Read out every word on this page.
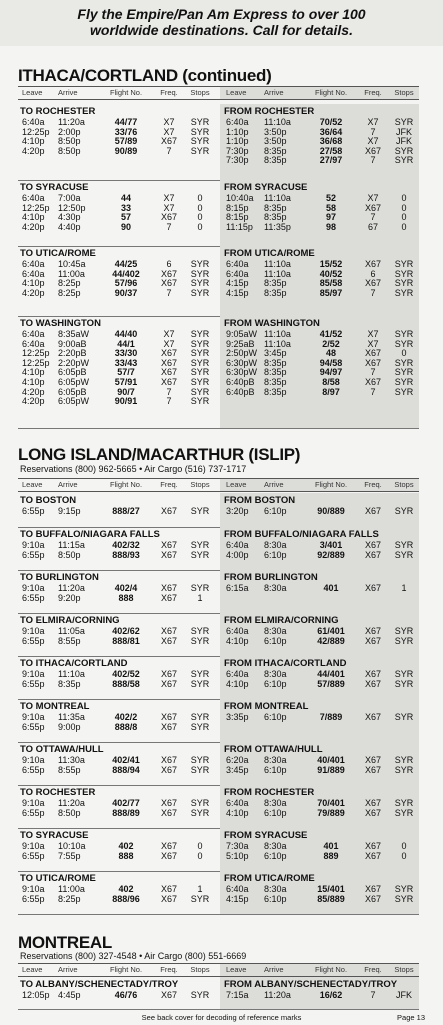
Fly the Empire/Pan Am Express to over 100
worldwide destinations. Call for details.
ITHACA/CORTLAND (continued)
Leave	Arrive	Flight No.	Freq.	Stops	Leave	Arrive	Flight No.	Freq.	Stops
TO ROCHESTER	FROM ROCHESTER
6:40a	11:20a	44/77	X7	SYR
12:25p 2:00p	33/76	X7	SYR
4:10p	8:50p	57/89	X67	SYR
4:20p	8:50p	90/89	7	SYR
6:40a	11:10a	70/52	X7	SYR
1:10p	3:50p	36/64	7	JFK
1:10p	3:50p	36/68	X7	JFK
7:30p	8:35p	27/58	X67	SYR
7:30p	8:35p	27/97	7	SYR
TO SYRACUSE	FROM SYRACUSE
6:40a	7:00a	44	X7	0
12:25p 12:50p	33	X7	0
4:10p	4:30p	57	X67	0
4:20p	4:40p	90	7	0
10:40a	11:10a	52	X7	0
8:15p	8:35p	58	X67	0
8:15p	8:35p	97	7	0
11:15p	11:35p	98	67	0
TO UTICA/ROME	FROM UTICA/ROME
6:40a	10:45a	44/25	6	SYR
6:40a	11:00a	44/402	X67	SYR
4:10p	8:25p	57/96	X67	SYR
4:20p	8:25p	90/37	7	SYR
6:40a	11:10a	15/52	X67	SYR
6:40a	11:10a	40/52	6	SYR
4:15p	8:35p	85/58	X67	SYR
4:15p	8:35p	85/97	7	SYR
TO WASHINGTON	FROM WASHINGTON
6:40a	8:35aW	44/40	X7	SYR
6:40a	9:00aB	44/1	X7	SYR
12:25p 2:20pB	33/30	X67	SYR
12:25p 2:20pW	33/43	X67	SYR
4:10p	6:05pB	57/7	X67	SYR
4:10p	6:05pW	57/91	X67	SYR
4:20p	6:05pB	90/7	7	SYR
4:20p	6:05pW	90/91	7	SYR
9:05aW 11:10a	41/52	X7	SYR
9:25aB	11:10a	2/52	X7	SYR
2:50pW 3:45p	48	X67	0
6:30pW 8:35p	94/58	X67	SYR
6:30pW 8:35p	94/97	7	SYR
6:40pB	8:35p	8/58	X67	SYR
6:40pB	8:35p	8/97	7	SYR
LONG ISLAND/MACARTHUR (ISLIP)
Reservations (800) 962-5665 • Air Cargo (516) 737-1717
Leave	Arrive	Flight No.	Freq.	Stops	Leave	Arrive	Flight No.	Freq.	Stops
TO BOSTON	FROM BOSTON
6:55p	9:15p	888/27	X67	SYR	3:20p	6:10p	90/889	X67	SYR
TO BUFFALO/NIAGARA FALLS	FROM BUFFALO/NIAGARA FALLS
9:10a	11:15a	402/32	X67	SYR
6:55p	8:50p	888/93	X67	SYR
6:40a	8:30a	3/401	X67	SYR
4:00p	6:10p	92/889	X67	SYR
TO BURLINGTON	FROM BURLINGTON
9:10a	11:20a	402/4	X67	SYR
6:55p	9:20p	888	X67	1
6:15a	8:30a	401	X67	1
TO ELMIRA/CORNING	FROM ELMIRA/CORNING
9:10a	11:05a	402/62	X67	SYR
6:55p	8:55p	888/81	X67	SYR
6:40a	8:30a	61/401	X67	SYR
4:10p	6:10p	42/889	X67	SYR
TO ITHACA/CORTLAND	FROM ITHACA/CORTLAND
9:10a	11:10a	402/52	X67	SYR
6:55p	8:35p	888/58	X67	SYR
6:40a	8:30a	44/401	X67	SYR
4:10p	6:10p	57/889	X67	SYR
TO MONTREAL	FROM MONTREAL
9:10a	11:35a	402/2	X67	SYR
6:55p	9:00p	888/8	X67	SYR
3:35p	6:10p	7/889	X67	SYR
TO OTTAWA/HULL	FROM OTTAWA/HULL
9:10a	11:30a	402/41	X67	SYR
6:55p	8:55p	888/94	X67	SYR
6:20a	8:30a	40/401	X67	SYR
3:45p	6:10p	91/889	X67	SYR
TO ROCHESTER	FROM ROCHESTER
9:10a	11:20a	402/77	X67	SYR
6:55p	8:50p	888/89	X67	SYR
6:40a	8:30a	70/401	X67	SYR
4:10p	6:10p	79/889	X67	SYR
TO SYRACUSE	FROM SYRACUSE
9:10a	10:10a	402	X67	0
6:55p	7:55p	888	X67	0
7:30a	8:30a	401	X67	0
5:10p	6:10p	889	X67	0
TO UTICA/ROME	FROM UTICA/ROME
9:10a	11:00a	402	X67	1
6:55p	8:25p	888/96	X67	SYR
6:40a	8:30a	15/401	X67	SYR
4:15p	6:10p	85/889	X67	SYR
MONTREAL
Reservations (800) 327-4548 • Air Cargo (800) 551-6669
Leave	Arrive	Flight No.	Freq.	Stops	Leave	Arrive	Flight No.	Freq.	Stops
TO ALBANY/SCHENECTADY/TROY	FROM ALBANY/SCHENECTADY/TROY
12:05p 4:45p	46/76	X67	SYR	7:15a	11:20a	16/62	7	JFK
See back cover for decoding of reference marks	Page 13
